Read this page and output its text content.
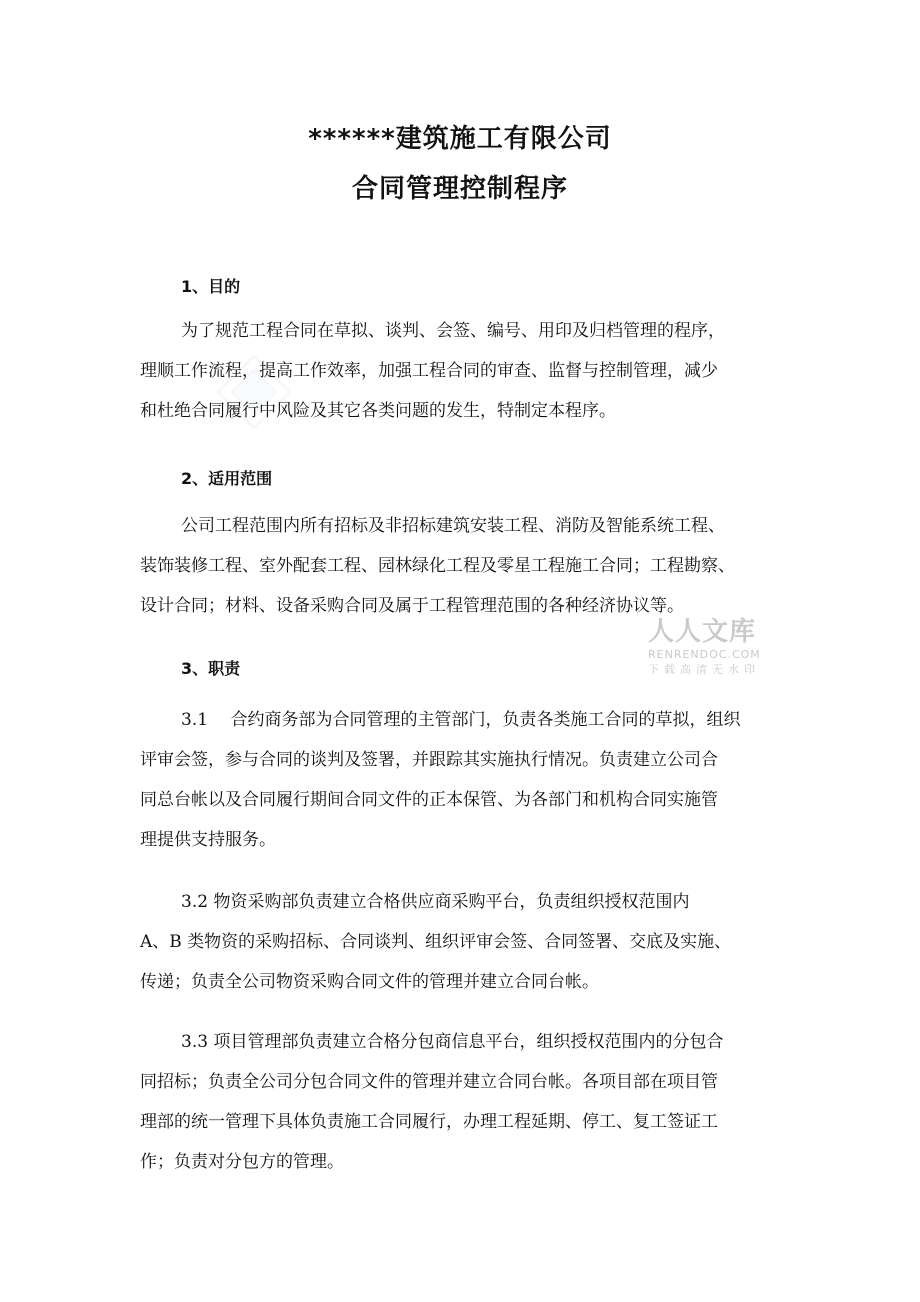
******建筑施工有限公司
合同管理控制程序
1、目的
为了规范工程合同在草拟、谈判、会签、编号、用印及归档管理的程序，
理顺工作流程，提高工作效率，加强工程合同的审查、监督与控制管理，减少
和杜绝合同履行中风险及其它各类问题的发生，特制定本程序。
2、适用范围
公司工程范围内所有招标及非招标建筑安装工程、消防及智能系统工程、
装饰装修工程、室外配套工程、园林绿化工程及零星工程施工合同；工程勘察、
设计合同；材料、设备采购合同及属于工程管理范围的各种经济协议等。
3、职责
3.1　 合约商务部为合同管理的主管部门，负责各类施工合同的草拟，组织
评审会签，参与合同的谈判及签署，并跟踪其实施执行情况。负责建立公司合
同总台帐以及合同履行期间合同文件的正本保管、为各部门和机构合同实施管
理提供支持服务。
3.2 物资采购部负责建立合格供应商采购平台，负责组织授权范围内
A、B 类物资的采购招标、合同谈判、组织评审会签、合同签署、交底及实施、
传递；负责全公司物资采购合同文件的管理并建立合同台帐。
3.3 项目管理部负责建立合格分包商信息平台，组织授权范围内的分包合
同招标；负责全公司分包合同文件的管理并建立合同台帐。各项目部在项目管
理部的统一管理下具体负责施工合同履行，办理工程延期、停工、复工签证工
作；负责对分包方的管理。
人人文库
RENRENDOC.COM
下载高清无水印
